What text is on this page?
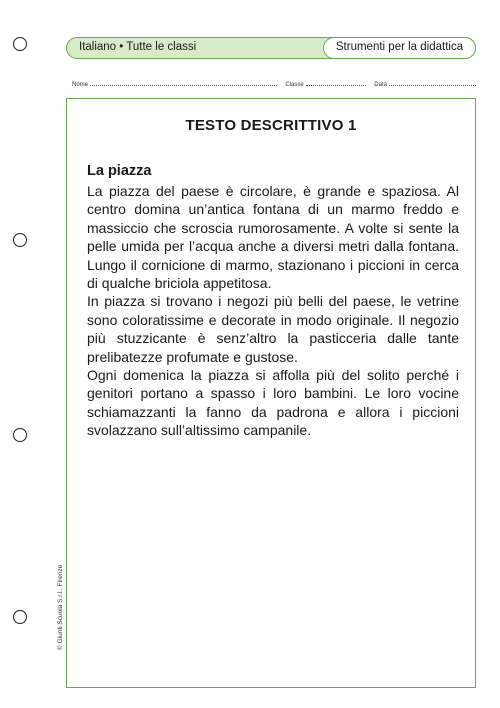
Italiano • Tutte le classi	Strumenti per la didattica
Nome	Classe	Data
TESTO DESCRITTIVO 1
La piazza

La piazza del paese è circolare, è grande e spaziosa. Al centro domina un’antica fontana di un marmo freddo e massiccio che scroscia rumorosamente. A volte si sente la pelle umida per l’acqua anche a diversi metri dalla fontana. Lungo il cornicione di marmo, stazionano i piccioni in cerca di qualche briciola appetitosa.

In piazza si trovano i negozi più belli del paese, le vetrine sono coloratissime e decorate in modo originale. Il negozio più stuzzicante è senz’altro la pasticceria dalle tante prelibatezze profumate e gustose.

Ogni domenica la piazza si affolla più del solito perché i genitori portano a spasso i loro bambini. Le loro vocine schiamazzanti la fanno da padrona e allora i piccioni svolazzano sull’altissimo campanile.

© Giunti Scuola S.r.l., Firenze
